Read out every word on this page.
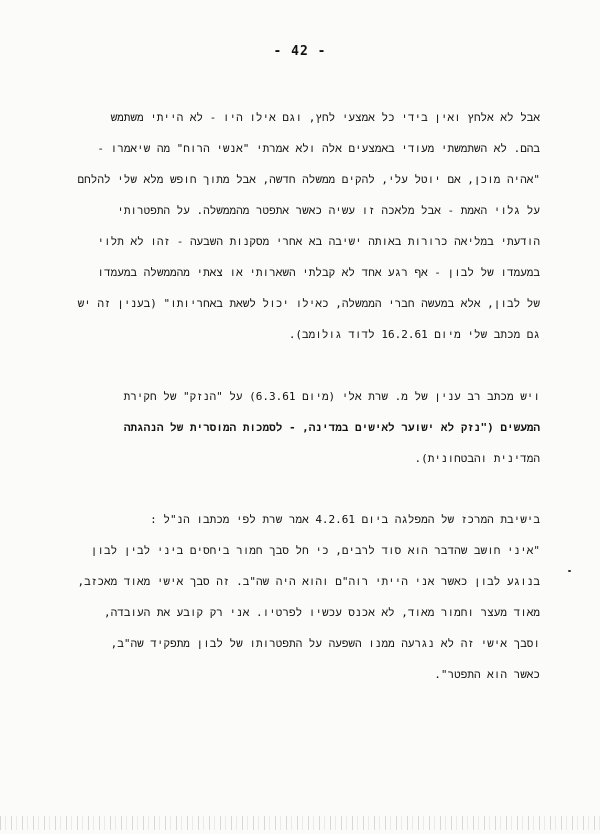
- 42 -
אבל לא אלחץ ואין בידי כל אמצעי לחץ, וגם אילו היו - לא הייתי משתמש
בהם. לא השתמשתי מעודי באמצעים אלה ולא אמרתי "אנשי הרוח" מה שיאמרו -
"אהיה מוכן, אם יוטל עלי, להקים ממשלה חדשה, אבל מתוך חופש מלא שלי להלחם
על גלוי האמת - אבל מלאכה זו עשיה כאשר אתפטר מהממשלה. על התפטרותי
הודעתי במליאה כרורות באותה ישיבה בא אחרי מסקנות השבעה - זהו לא תלוי
במעמדו של לבון - אף רגע אחד לא קבלתי השארותי או צאתי מהממשלה במעמדו
של לבון, אלא במעשה חברי הממשלה, כאילו יכול לשאת באחריותו" (בענין זה יש
גם מכתב שלי מיום 16.2.61 לדוד גולומב).
ויש מכתב רב ענין של מ. שרת אלי (מיום 6.3.61) על "הנזק" של חקירת
המעשים ("נזק לא ישוער לאישים במדינה, - לסמכות המוסרית של הנהגתה
המדינית והבטחונית).
בישיבת המרכז של המפלגה ביום 4.2.61 אמר שרת לפי מכתבו הנ"ל :
"איני חושב שהדבר הוא סוד לרבים, כי חל סבך חמור ביחסים ביני לבין לבון
בנוגע לבון כאשר אני הייתי רוה"ם והוא היה שה"ב. זה סבך אישי מאוד מאכזב,
מאוד מעצר וחמור מאוד, לא אכנס עכשיו לפרטיו. אני רק קובע את העובדה,
וסבך אישי זה לא נגרעה ממנו השפעה על התפטרותו של לבון מתפקיד שה"ב,
כאשר הוא התפטר".
